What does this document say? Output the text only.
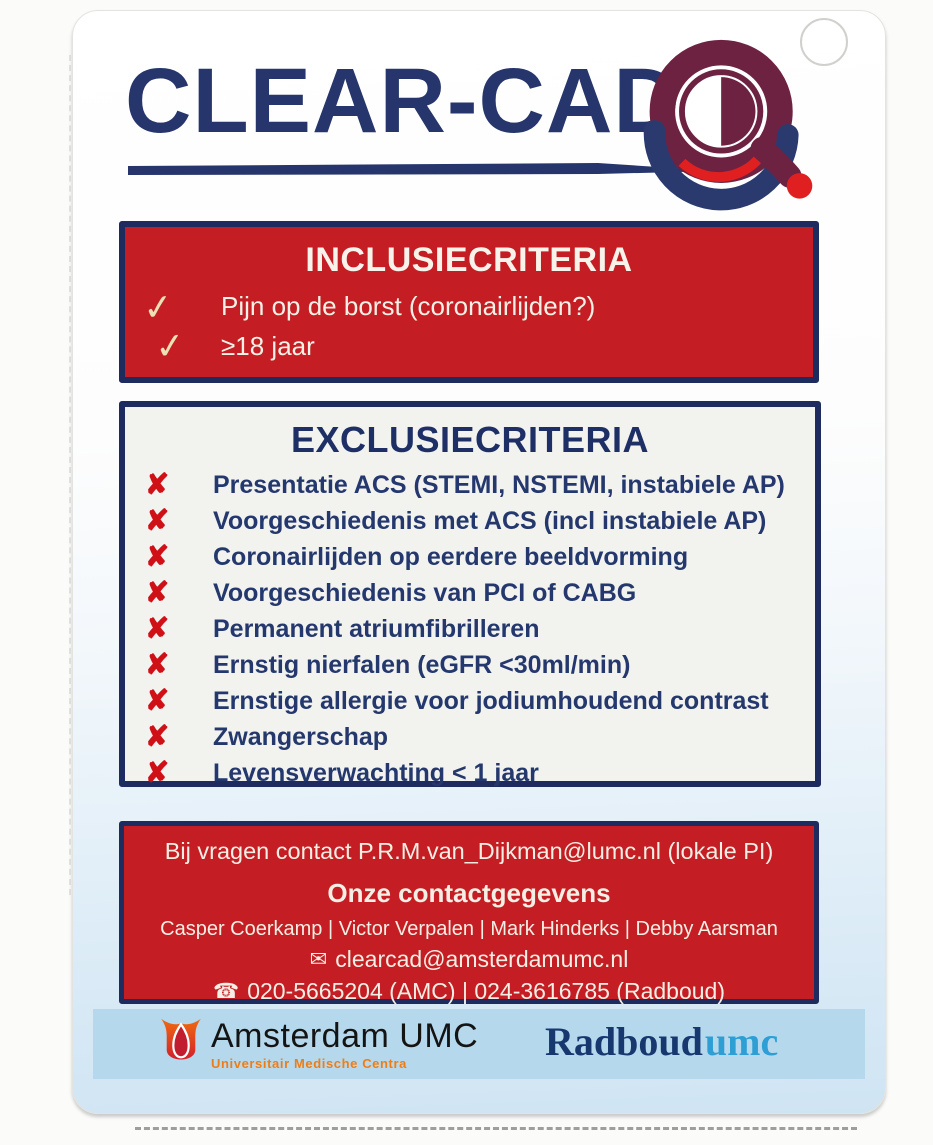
CLEAR-CAD
INCLUSIECRITERIA
✓	Pijn op de borst (coronairlijden?)
✓	≥18 jaar
EXCLUSIECRITERIA
✘	Presentatie ACS (STEMI, NSTEMI, instabiele AP)
✘	Voorgeschiedenis met ACS (incl instabiele AP)
✘	Coronairlijden op eerdere beeldvorming
✘	Voorgeschiedenis van PCI of CABG
✘	Permanent atriumfibrilleren
✘	Ernstig nierfalen (eGFR <30ml/min)
✘	Ernstige allergie voor jodiumhoudend contrast
✘	Zwangerschap
✘	Levensverwachting < 1 jaar
Bij vragen contact P.R.M.van_Dijkman@lumc.nl (lokale PI)
Onze contactgegevens
Casper Coerkamp | Victor Verpalen | Mark Hinderks | Debby Aarsman
✉ clearcad@amsterdamumc.nl
☎ 020-5665204 (AMC) | 024-3616785 (Radboud)
Amsterdam UMC
Universitair Medische Centra	Radboudumc
